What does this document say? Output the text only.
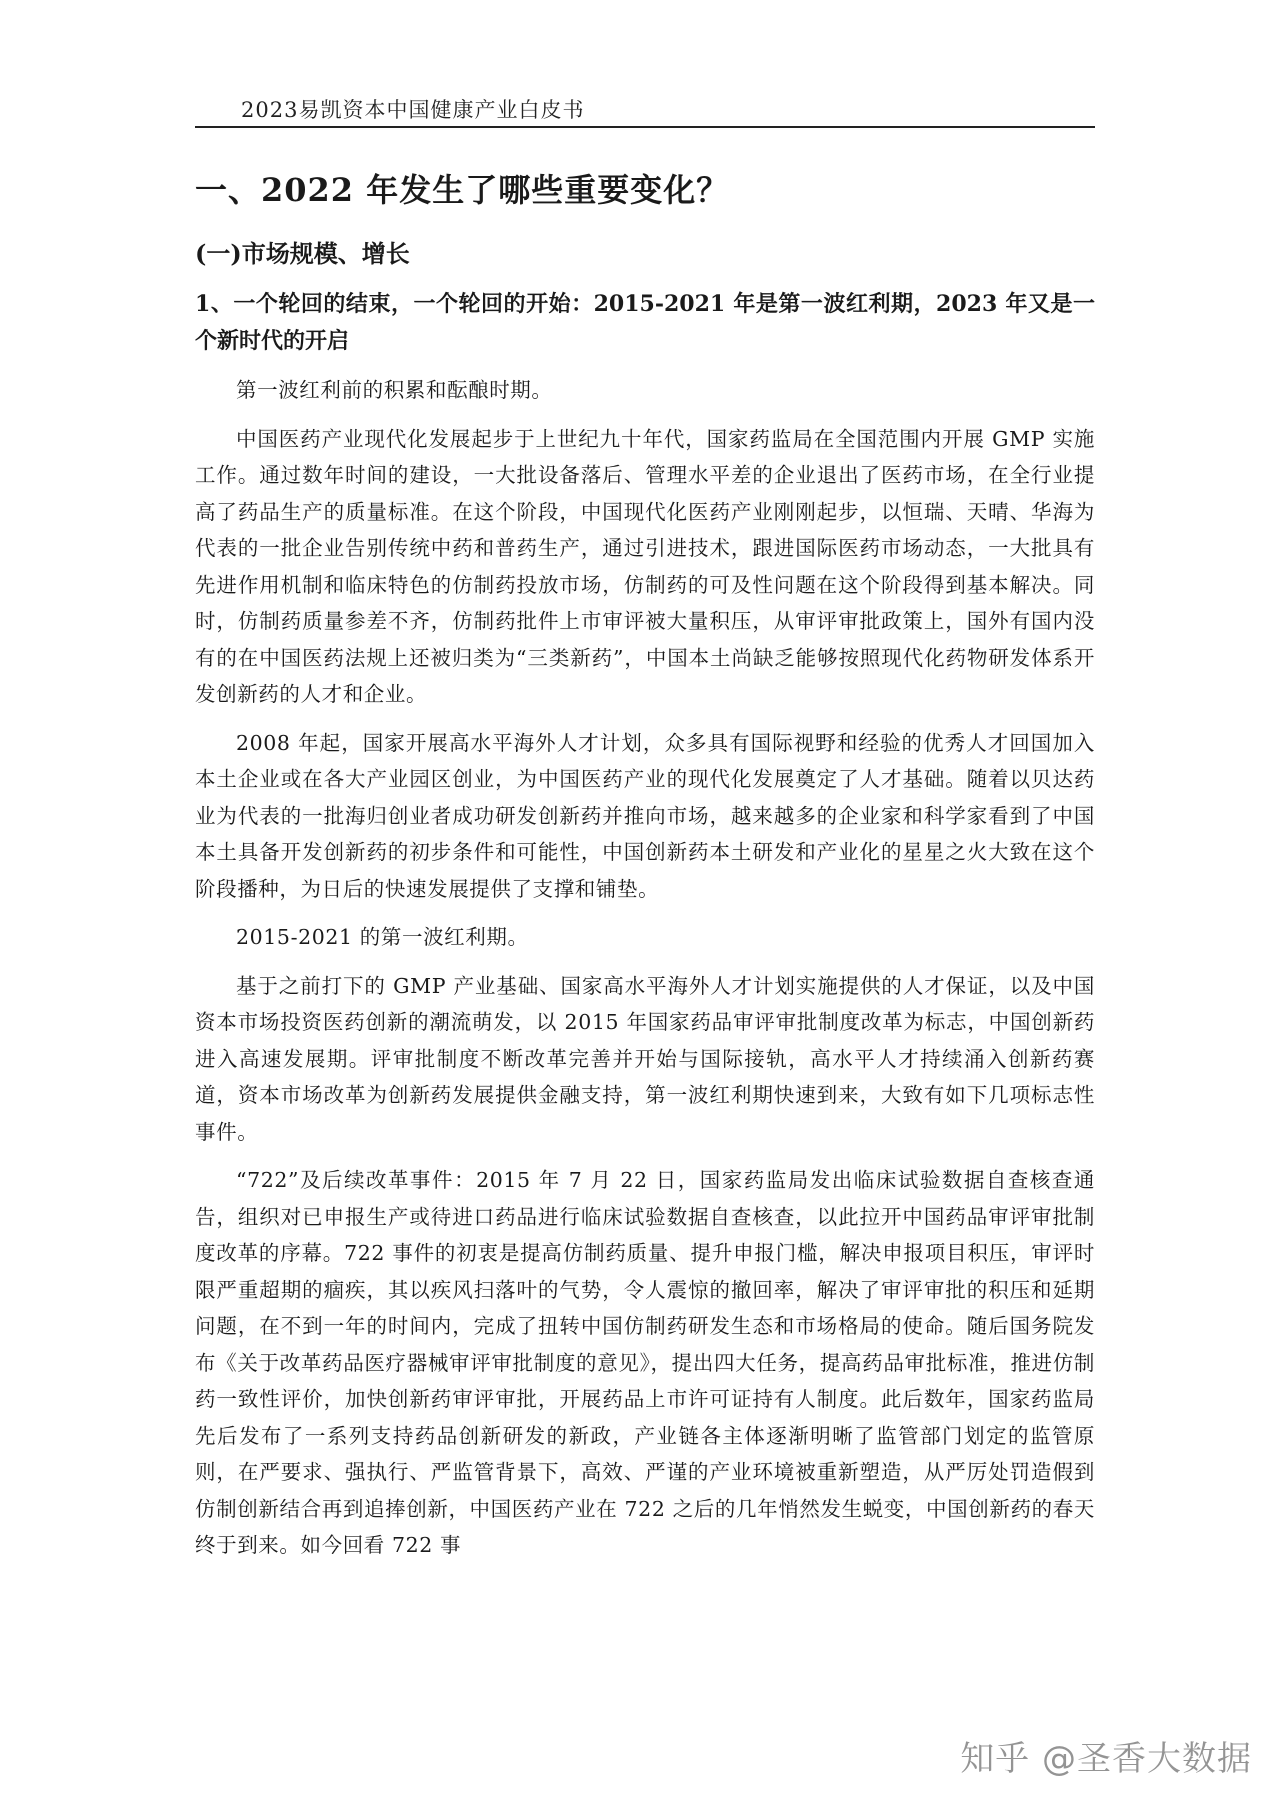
2023易凯资本中国健康产业白皮书
一、2022 年发生了哪些重要变化？
(一)市场规模、增长
1、一个轮回的结束，一个轮回的开始：2015-2021 年是第一波红利期，2023 年又是一个新时代的开启

第一波红利前的积累和酝酿时期。

中国医药产业现代化发展起步于上世纪九十年代，国家药监局在全国范围内开展 GMP 实施工作。通过数年时间的建设，一大批设备落后、管理水平差的企业退出了医药市场，在全行业提高了药品生产的质量标准。在这个阶段，中国现代化医药产业刚刚起步，以恒瑞、天晴、华海为代表的一批企业告别传统中药和普药生产，通过引进技术，跟进国际医药市场动态，一大批具有先进作用机制和临床特色的仿制药投放市场，仿制药的可及性问题在这个阶段得到基本解决。同时，仿制药质量参差不齐，仿制药批件上市审评被大量积压，从审评审批政策上，国外有国内没有的在中国医药法规上还被归类为“三类新药”，中国本土尚缺乏能够按照现代化药物研发体系开发创新药的人才和企业。

2008 年起，国家开展高水平海外人才计划，众多具有国际视野和经验的优秀人才回国加入本土企业或在各大产业园区创业，为中国医药产业的现代化发展奠定了人才基础。随着以贝达药业为代表的一批海归创业者成功研发创新药并推向市场，越来越多的企业家和科学家看到了中国本土具备开发创新药的初步条件和可能性，中国创新药本土研发和产业化的星星之火大致在这个阶段播种，为日后的快速发展提供了支撑和铺垫。

2015-2021 的第一波红利期。

基于之前打下的 GMP 产业基础、国家高水平海外人才计划实施提供的人才保证，以及中国资本市场投资医药创新的潮流萌发，以 2015 年国家药品审评审批制度改革为标志，中国创新药进入高速发展期。评审批制度不断改革完善并开始与国际接轨，高水平人才持续涌入创新药赛道，资本市场改革为创新药发展提供金融支持，第一波红利期快速到来，大致有如下几项标志性事件。

“722”及后续改革事件：2015 年 7 月 22 日，国家药监局发出临床试验数据自查核查通告，组织对已申报生产或待进口药品进行临床试验数据自查核查，以此拉开中国药品审评审批制度改革的序幕。722 事件的初衷是提高仿制药质量、提升申报门槛，解决申报项目积压，审评时限严重超期的痼疾，其以疾风扫落叶的气势，令人震惊的撤回率，解决了审评审批的积压和延期问题，在不到一年的时间内，完成了扭转中国仿制药研发生态和市场格局的使命。随后国务院发布《关于改革药品医疗器械审评审批制度的意见》，提出四大任务，提高药品审批标准，推进仿制药一致性评价，加快创新药审评审批，开展药品上市许可证持有人制度。此后数年，国家药监局先后发布了一系列支持药品创新研发的新政，产业链各主体逐渐明晰了监管部门划定的监管原则，在严要求、强执行、严监管背景下，高效、严谨的产业环境被重新塑造，从严厉处罚造假到仿制创新结合再到追捧创新，中国医药产业在 722 之后的几年悄然发生蜕变，中国创新药的春天终于到来。如今回看 722 事

知乎 @圣香大数据
